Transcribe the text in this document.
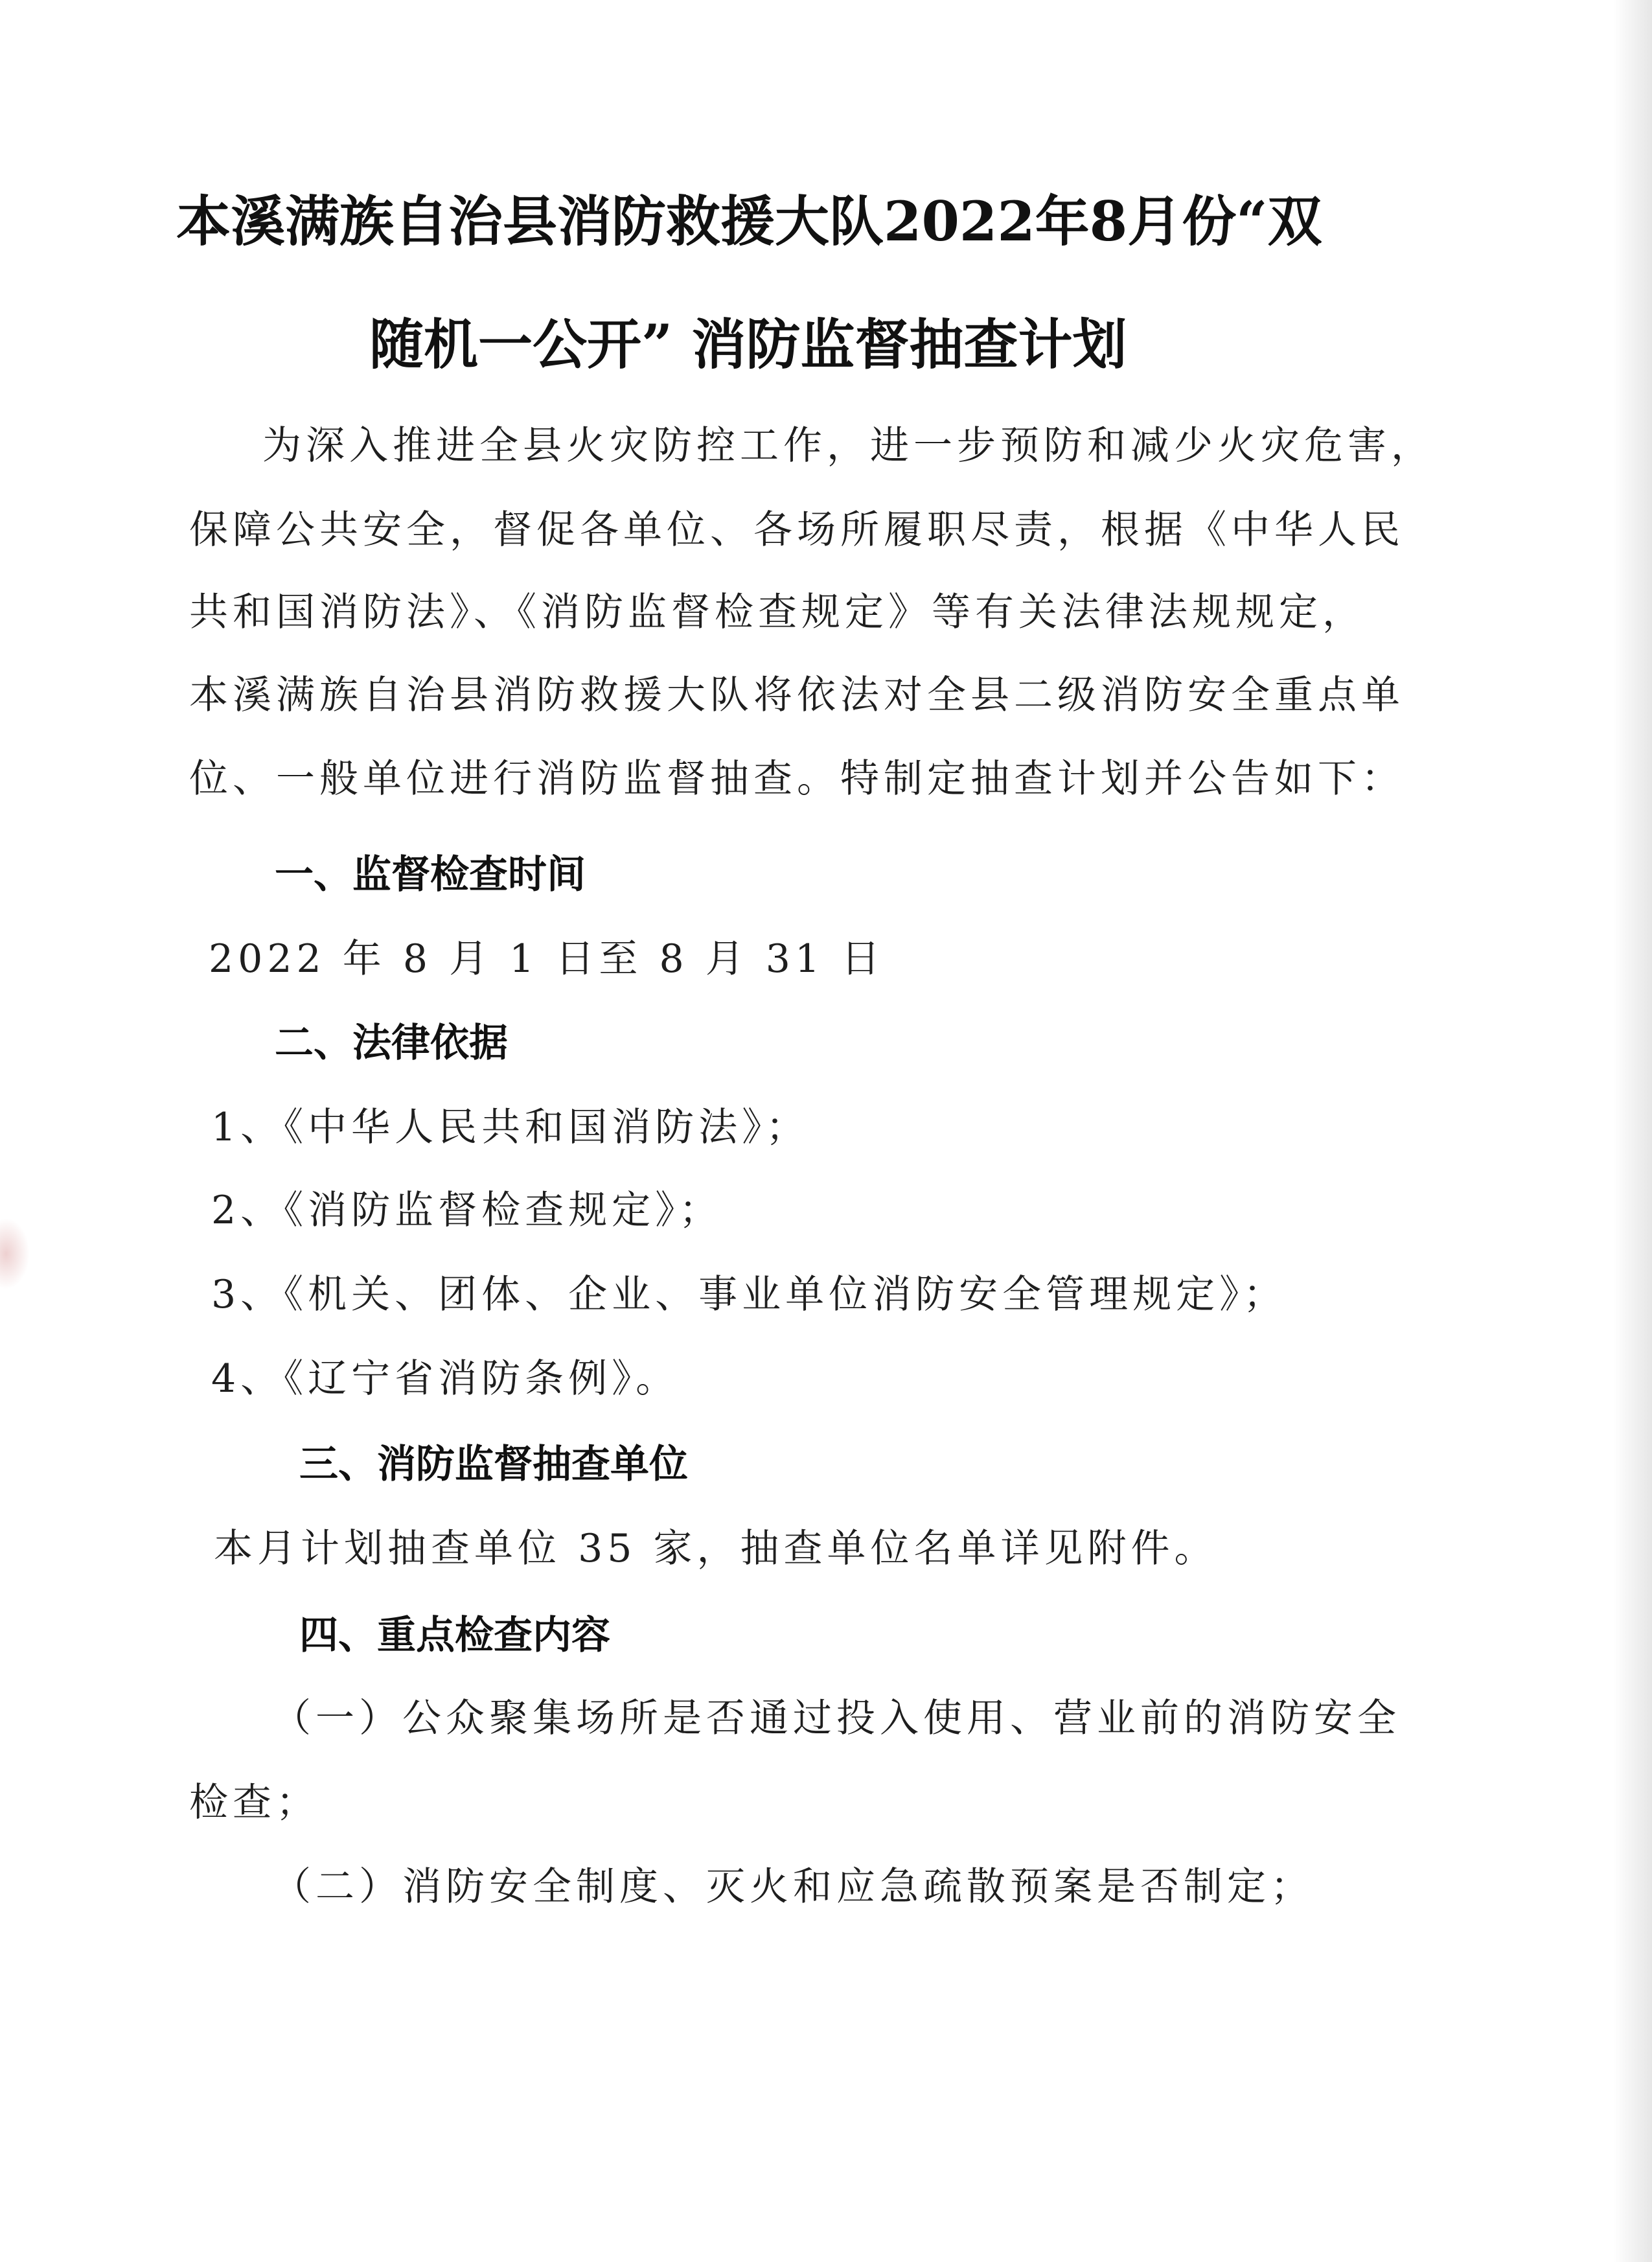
本溪满族自治县消防救援大队2022年8月份“双
随机一公开” 消防监督抽查计划
为深入推进全县火灾防控工作，进一步预防和减少火灾危害，
保障公共安全，督促各单位、各场所履职尽责，根据《中华人民
共和国消防法》、《消防监督检查规定》等有关法律法规规定，
本溪满族自治县消防救援大队将依法对全县二级消防安全重点单
位、一般单位进行消防监督抽查。特制定抽查计划并公告如下：
一、监督检查时间
2022 年 8 月 1 日至 8 月 31 日
二、法律依据
1、《中华人民共和国消防法》；
2、《消防监督检查规定》；
3、《机关、团体、企业、事业单位消防安全管理规定》；
4、《辽宁省消防条例》。
三、消防监督抽查单位
本月计划抽查单位 35 家，抽查单位名单详见附件。
四、重点检查内容
（一）公众聚集场所是否通过投入使用、营业前的消防安全
检查；
（二）消防安全制度、灭火和应急疏散预案是否制定；
